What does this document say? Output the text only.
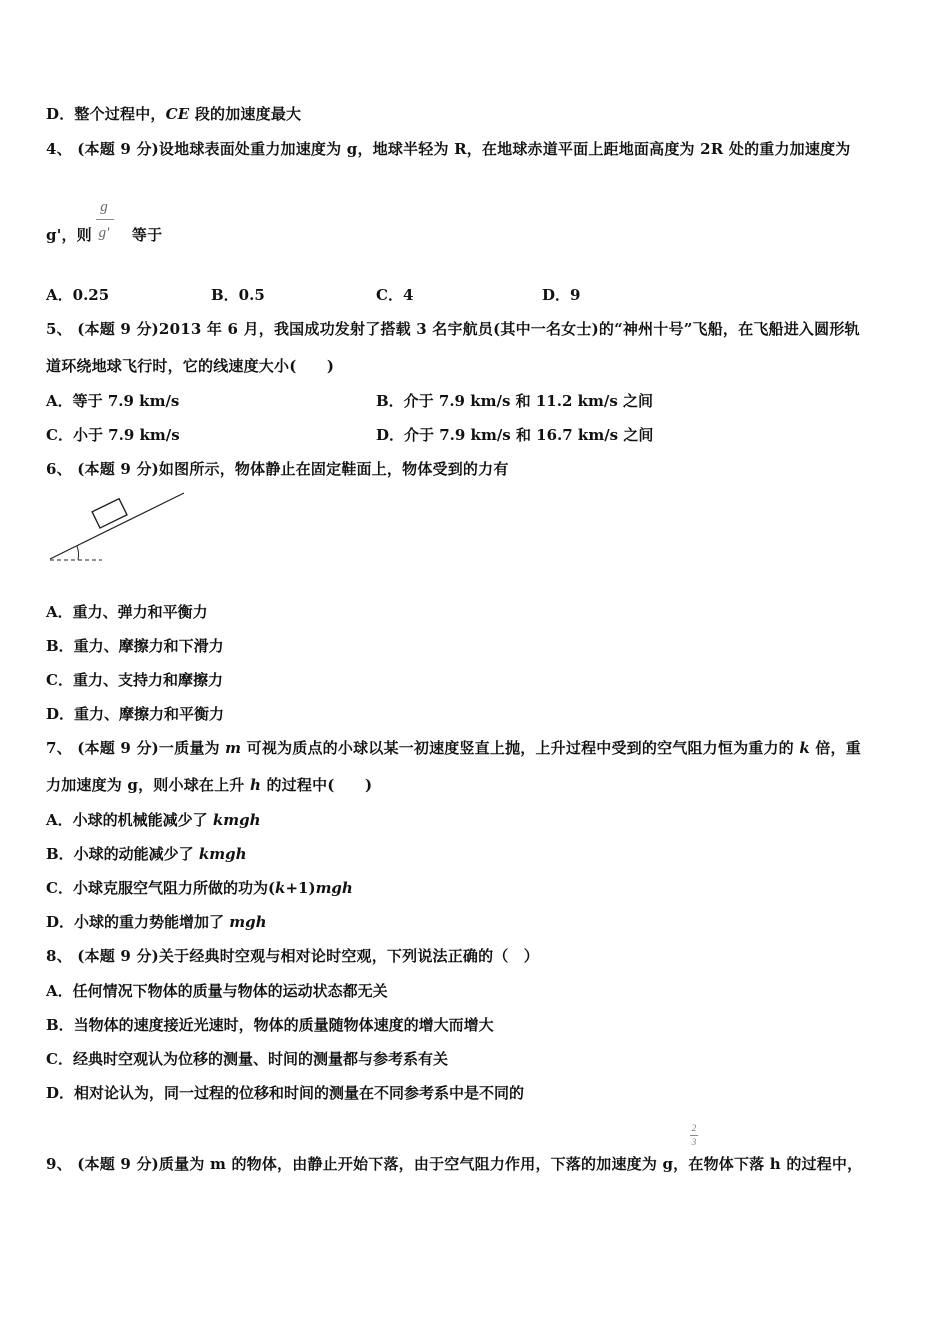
D．整个过程中，CE 段的加速度最大
4、 (本题 9 分)设地球表面处重力加速度为 g，地球半轻为 R，在地球赤道平面上距地面高度为 2R 处的重力加速度为
g'，则	等于
g
g'
A．0.25	B．0.5	C．4	D．9
5、 (本题 9 分)2013 年 6 月，我国成功发射了搭载 3 名宇航员(其中一名女士)的“神州十号”飞船，在飞船进入圆形轨
道环绕地球飞行时，它的线速度大小(　　)
A．等于 7.9 km/s	B．介于 7.9 km/s 和 11.2 km/s 之间
C．小于 7.9 km/s	D．介于 7.9 km/s 和 16.7 km/s 之间
6、 (本题 9 分)如图所示，物体静止在固定鞋面上，物体受到的力有
A．重力、弹力和平衡力
B．重力、摩擦力和下滑力
C．重力、支持力和摩擦力
D．重力、摩擦力和平衡力
7、 (本题 9 分)一质量为 m 可视为质点的小球以某一初速度竖直上抛，上升过程中受到的空气阻力恒为重力的 k 倍，重
力加速度为 g，则小球在上升 h 的过程中(　　)
A．小球的机械能减少了 kmgh
B．小球的动能减少了 kmgh
C．小球克服空气阻力所做的功为(k+1)mgh
D．小球的重力势能增加了 mgh
8、 (本题 9 分)关于经典时空观与相对论时空观，下列说法正确的（　）
A．任何情况下物体的质量与物体的运动状态都无关
B．当物体的速度接近光速时，物体的质量随物体速度的增大而增大
C．经典时空观认为位移的测量、时间的测量都与参考系有关
D．相对论认为，同一过程的位移和时间的测量在不同参考系中是不同的
9、 (本题 9 分)质量为 m 的物体，由静止开始下落，由于空气阻力作用，下落的加速度为 g，在物体下落 h 的过程中，
2
3
